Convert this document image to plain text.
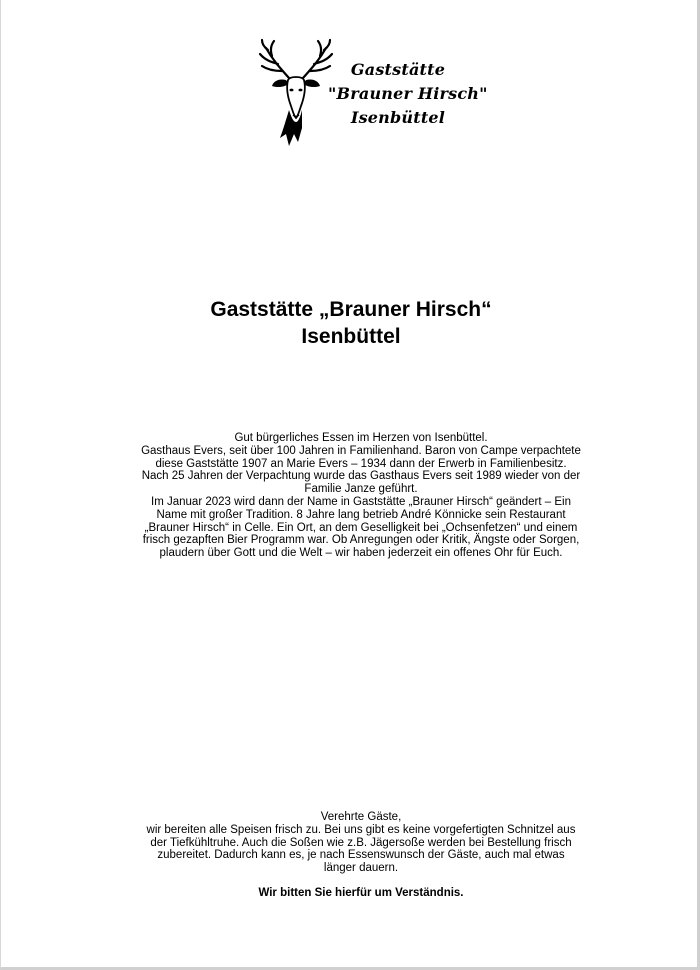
Gaststätte
"Brauner Hirsch"
Isenbüttel
Gaststätte „Brauner Hirsch“
Isenbüttel

Gut bürgerliches Essen im Herzen von Isenbüttel.

Gasthaus Evers, seit über 100 Jahren in Familienhand. Baron von Campe verpachtete diese Gaststätte 1907 an Marie Evers – 1934 dann der Erwerb in Familienbesitz. Nach 25 Jahren der Verpachtung wurde das Gasthaus Evers seit 1989 wieder von der Familie Janze geführt.

Im Januar 2023 wird dann der Name in Gaststätte „Brauner Hirsch“ geändert – Ein Name mit großer Tradition. 8 Jahre lang betrieb André Könnicke sein Restaurant „Brauner Hirsch“ in Celle. Ein Ort, an dem Geselligkeit bei „Ochsenfetzen“ und einem frisch gezapften Bier Programm war. Ob Anregungen oder Kritik, Ängste oder Sorgen, plaudern über Gott und die Welt – wir haben jederzeit ein offenes Ohr für Euch.

Verehrte Gäste,

wir bereiten alle Speisen frisch zu. Bei uns gibt es keine vorgefertigten Schnitzel aus der Tiefkühltruhe. Auch die Soßen wie z.B. Jägersoße werden bei Bestellung frisch zubereitet. Dadurch kann es, je nach Essenswunsch der Gäste, auch mal etwas länger dauern.

Wir bitten Sie hierfür um Verständnis.
